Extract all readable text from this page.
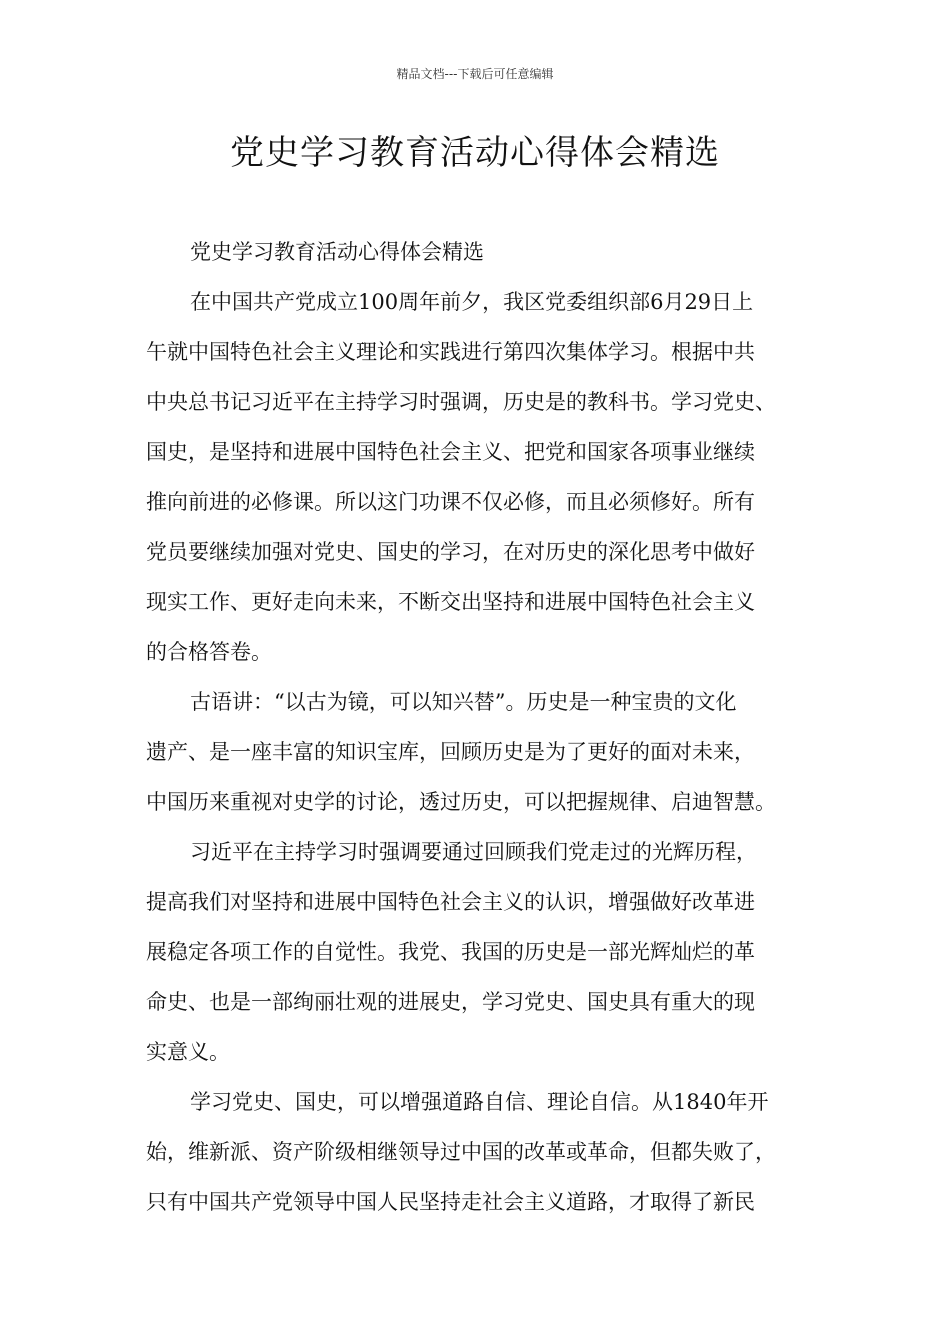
精品文档---下载后可任意编辑
党史学习教育活动心得体会精选
党史学习教育活动心得体会精选
在中国共产党成立100周年前夕，我区党委组织部6月29日上
午就中国特色社会主义理论和实践进行第四次集体学习。根据中共
中央总书记习近平在主持学习时强调，历史是的教科书。学习党史、
国史，是坚持和进展中国特色社会主义、把党和国家各项事业继续
推向前进的必修课。所以这门功课不仅必修，而且必须修好。所有
党员要继续加强对党史、国史的学习，在对历史的深化思考中做好
现实工作、更好走向未来，不断交出坚持和进展中国特色社会主义
的合格答卷。
古语讲：“以古为镜，可以知兴替”。历史是一种宝贵的文化
遗产、是一座丰富的知识宝库，回顾历史是为了更好的面对未来，
中国历来重视对史学的讨论，透过历史，可以把握规律、启迪智慧。
习近平在主持学习时强调要通过回顾我们党走过的光辉历程，
提高我们对坚持和进展中国特色社会主义的认识，增强做好改革进
展稳定各项工作的自觉性。我党、我国的历史是一部光辉灿烂的革
命史、也是一部绚丽壮观的进展史，学习党史、国史具有重大的现
实意义。
学习党史、国史，可以增强道路自信、理论自信。从1840年开
始，维新派、资产阶级相继领导过中国的改革或革命，但都失败了，
只有中国共产党领导中国人民坚持走社会主义道路，才取得了新民
